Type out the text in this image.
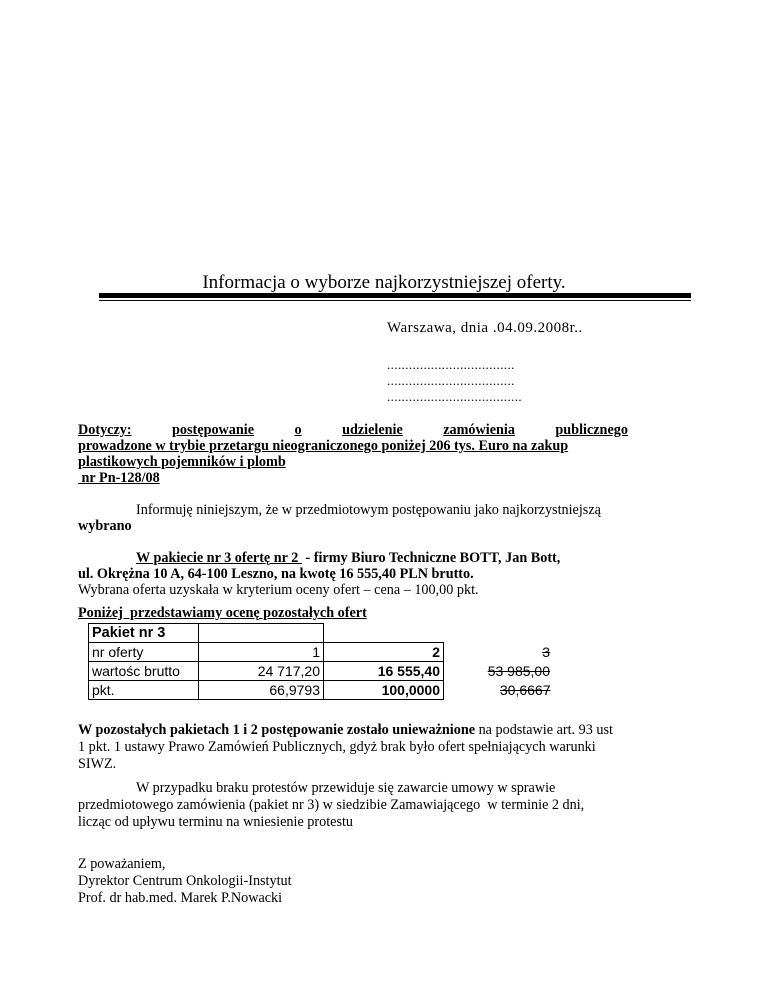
Informacja o wyborze najkorzystniejszej oferty.
Warszawa, dnia .04.09.2008r..
...................................
...................................
.....................................
Dotyczy:	postępowanie	o	udzielenie	zamówienia	publicznego
prowadzone w trybie przetargu nieograniczonego poniżej 206 tys. Euro na zakup
plastikowych pojemników i plomb
nr Pn-128/08
Informuję niniejszym, że w przedmiotowym postępowaniu jako najkorzystniejszą
wybrano
W pakiecie nr 3 ofertę nr 2  - firmy Biuro Techniczne BOTT, Jan Bott,
ul. Okrężna 10 A, 64-100 Leszno, na kwotę 16 555,40 PLN brutto.
Wybrana oferta uzyskała w kryterium oceny ofert – cena – 100,00 pkt.
Poniżej  przedstawiamy ocenę pozostałych ofert
Pakiet nr 3			
nr oferty	1	2	3
wartośc brutto	24 717,20	16 555,40	53 985,00
pkt.	66,9793	100,0000	30,6667
W pozostałych pakietach 1 i 2 postępowanie zostało unieważnione na podstawie art. 93 ust
1 pkt. 1 ustawy Prawo Zamówień Publicznych, gdyż brak było ofert spełniających warunki
SIWZ.
W przypadku braku protestów przewiduje się zawarcie umowy w sprawie
przedmiotowego zamówienia (pakiet nr 3) w siedzibie Zamawiającego  w terminie 2 dni,
licząc od upływu terminu na wniesienie protestu
Z poważaniem,
Dyrektor Centrum Onkologii-Instytut
Prof. dr hab.med. Marek P.Nowacki
